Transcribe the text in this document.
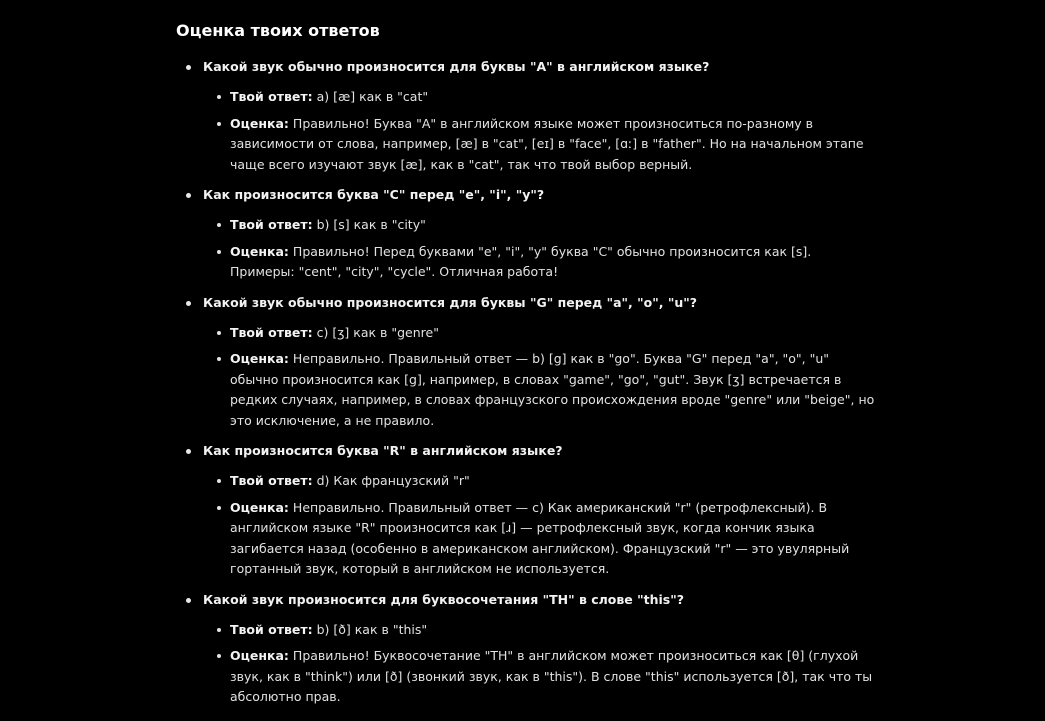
Оценка твоих ответов

Какой звук обычно произносится для буквы "A" в английском языке?

Твой ответ: a) [æ] как в "cat"
Оценка: Правильно! Буква "A" в английском языке может произноситься по-разному в зависимости от слова, например, [æ] в "cat", [eɪ] в "face", [ɑː] в "father". Но на начальном этапе чаще всего изучают звук [æ], как в "cat", так что твой выбор верный.

Как произносится буква "C" перед "e", "i", "y"?

Твой ответ: b) [s] как в "city"
Оценка: Правильно! Перед буквами "e", "i", "y" буква "C" обычно произносится как [s]. Примеры: "cent", "city", "cycle". Отличная работа!

Какой звук обычно произносится для буквы "G" перед "a", "o", "u"?

Твой ответ: c) [ʒ] как в "genre"
Оценка: Неправильно. Правильный ответ — b) [g] как в "go". Буква "G" перед "a", "o", "u" обычно произносится как [g], например, в словах "game", "go", "gut". Звук [ʒ] встречается в редких случаях, например, в словах французского происхождения вроде "genre" или "beige", но это исключение, а не правило.

Как произносится буква "R" в английском языке?

Твой ответ: d) Как французский "r"
Оценка: Неправильно. Правильный ответ — c) Как американский "r" (ретрофлексный). В английском языке "R" произносится как [ɹ] — ретрофлексный звук, когда кончик языка загибается назад (особенно в американском английском). Французский "r" — это увулярный гортанный звук, который в английском не используется.

Какой звук произносится для буквосочетания "TH" в слове "this"?

Твой ответ: b) [ð] как в "this"
Оценка: Правильно! Буквосочетание "TH" в английском может произноситься как [θ] (глухой звук, как в "think") или [ð] (звонкий звук, как в "this"). В слове "this" используется [ð], так что ты абсолютно прав.
